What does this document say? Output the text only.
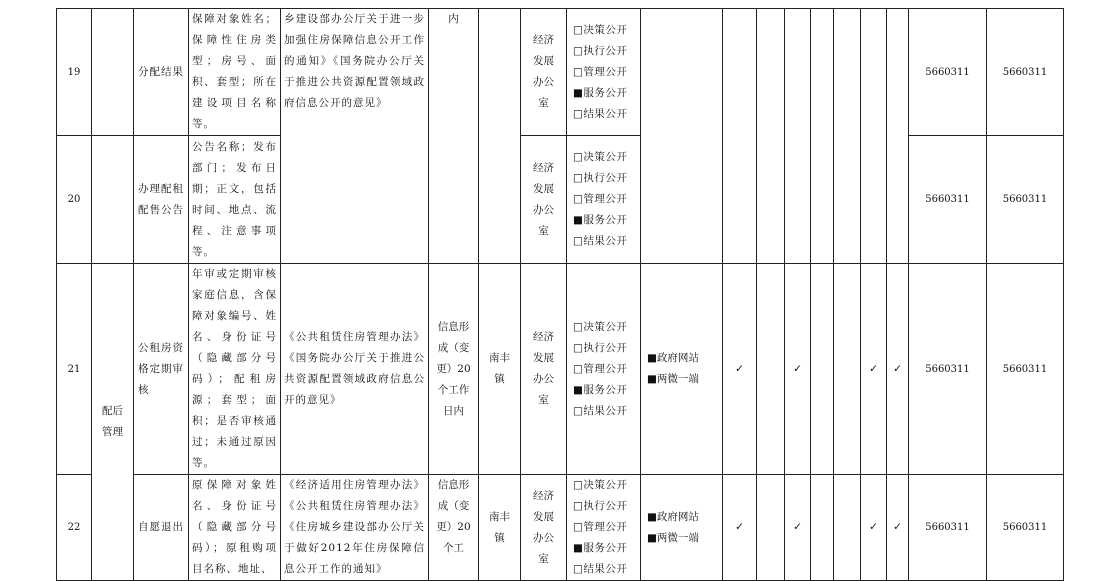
19		分配结果	保障对象姓名；保障性住房类型；房号、面积、套型；所在建设项目名称等。	乡建设部办公厅关于进一步加强住房保障信息公开工作的通知》《国务院办公厅关于推进公共资源配置领域政府信息公开的意见》	内		经济发展办公室	□决策公开
□执行公开
□管理公开
■服务公开
□结果公开									5660311	5660311
20		办理配租配售公告	公告名称；发布部门；发布日期；正文，包括时间、地点、流程、注意事项等。				经济发展办公室	□决策公开
□执行公开
□管理公开
■服务公开
□结果公开									5660311	5660311
21	配后管理	公租房资格定期审核	年审或定期审核家庭信息，含保障对象编号、姓名、身份证号（隐藏部分号码）；配租房源；套型；面积；是否审核通过；未通过原因等。	《公共租赁住房管理办法》《国务院办公厅关于推进公共资源配置领域政府信息公开的意见》	信息形成（变更）20个工作日内	南丰镇	经济发展办公室	□决策公开
□执行公开
□管理公开
■服务公开
□结果公开	■政府网站
■两微一端	✓		✓			✓	✓	5660311	5660311
22		自愿退出	原保障对象姓名、身份证号（隐藏部分号码）；原租购项目名称、地址、	《经济适用住房管理办法》《公共租赁住房管理办法》《住房城乡建设部办公厅关于做好2012年住房保障信息公开工作的通知》	信息形成（变更）20个工	南丰镇	经济发展办公室	□决策公开
□执行公开
□管理公开
■服务公开
□结果公开	■政府网站
■两微一端	✓		✓			✓	✓	5660311	5660311
